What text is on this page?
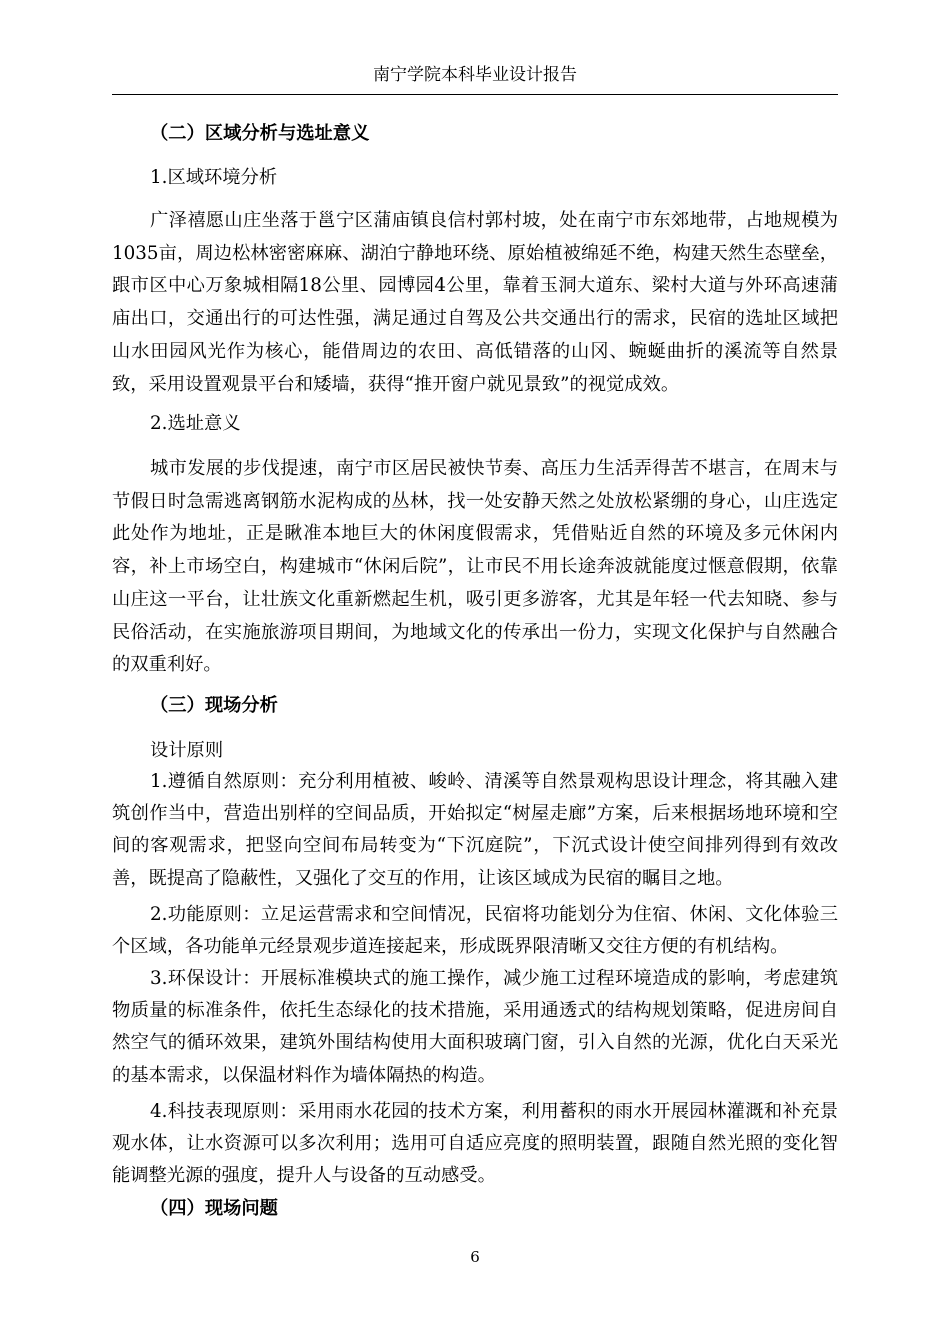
南宁学院本科毕业设计报告
（二）区域分析与选址意义
1.区域环境分析
广泽禧愿山庄坐落于邕宁区蒲庙镇良信村郭村坡，处在南宁市东郊地带，占地规模为1035亩，周边松林密密麻麻、湖泊宁静地环绕、原始植被绵延不绝，构建天然生态壁垒，跟市区中心万象城相隔18公里、园博园4公里，靠着玉洞大道东、梁村大道与外环高速蒲庙出口，交通出行的可达性强，满足通过自驾及公共交通出行的需求，民宿的选址区域把山水田园风光作为核心，能借周边的农田、高低错落的山冈、蜿蜒曲折的溪流等自然景致，采用设置观景平台和矮墙，获得“推开窗户就见景致”的视觉成效。
2.选址意义
城市发展的步伐提速，南宁市区居民被快节奏、高压力生活弄得苦不堪言，在周末与节假日时急需逃离钢筋水泥构成的丛林，找一处安静天然之处放松紧绷的身心，山庄选定此处作为地址，正是瞅准本地巨大的休闲度假需求，凭借贴近自然的环境及多元休闲内容，补上市场空白，构建城市“休闲后院”，让市民不用长途奔波就能度过惬意假期，依靠山庄这一平台，让壮族文化重新燃起生机，吸引更多游客，尤其是年轻一代去知晓、参与民俗活动，在实施旅游项目期间，为地域文化的传承出一份力，实现文化保护与自然融合的双重利好。
（三）现场分析
设计原则
1.遵循自然原则：充分利用植被、峻岭、清溪等自然景观构思设计理念，将其融入建筑创作当中，营造出别样的空间品质，开始拟定“树屋走廊”方案，后来根据场地环境和空间的客观需求，把竖向空间布局转变为“下沉庭院”，下沉式设计使空间排列得到有效改善，既提高了隐蔽性，又强化了交互的作用，让该区域成为民宿的瞩目之地。
2.功能原则：立足运营需求和空间情况，民宿将功能划分为住宿、休闲、文化体验三个区域，各功能单元经景观步道连接起来，形成既界限清晰又交往方便的有机结构。
3.环保设计：开展标准模块式的施工操作，减少施工过程环境造成的影响，考虑建筑物质量的标准条件，依托生态绿化的技术措施，采用通透式的结构规划策略，促进房间自然空气的循环效果，建筑外围结构使用大面积玻璃门窗，引入自然的光源，优化白天采光的基本需求，以保温材料作为墙体隔热的构造。
4.科技表现原则：采用雨水花园的技术方案，利用蓄积的雨水开展园林灌溉和补充景观水体，让水资源可以多次利用；选用可自适应亮度的照明装置，跟随自然光照的变化智能调整光源的强度，提升人与设备的互动感受。
（四）现场问题
6
